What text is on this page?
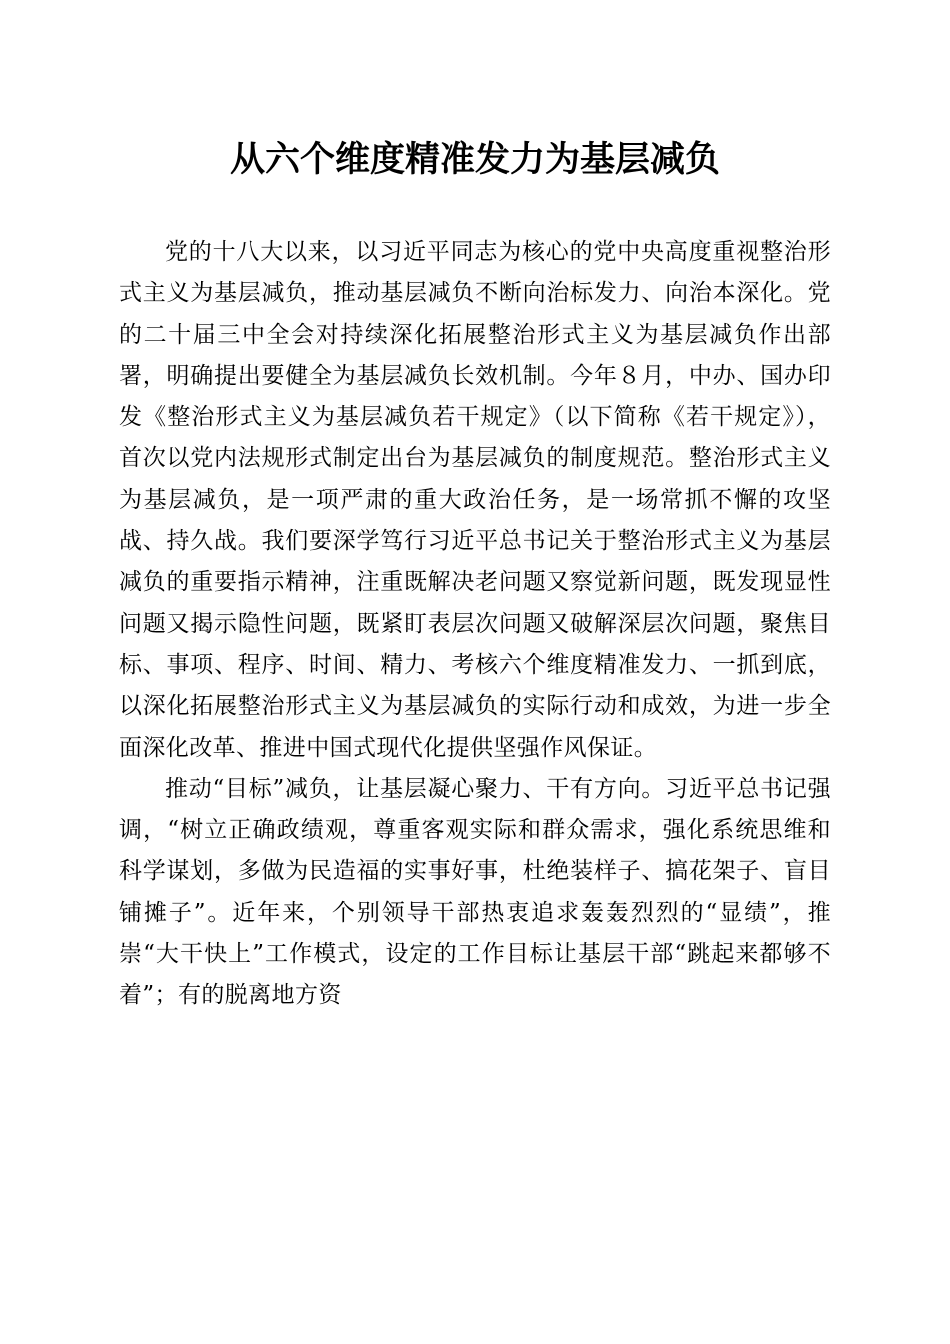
从六个维度精准发力为基层减负

党的十八大以来，以习近平同志为核心的党中央高度重视整治形式主义为基层减负，推动基层减负不断向治标发力、向治本深化。党的二十届三中全会对持续深化拓展整治形式主义为基层减负作出部署，明确提出要健全为基层减负长效机制。今年８月，中办、国办印发《整治形式主义为基层减负若干规定》（以下简称《若干规定》），首次以党内法规形式制定出台为基层减负的制度规范。整治形式主义为基层减负，是一项严肃的重大政治任务，是一场常抓不懈的攻坚战、持久战。我们要深学笃行习近平总书记关于整治形式主义为基层减负的重要指示精神，注重既解决老问题又察觉新问题，既发现显性问题又揭示隐性问题，既紧盯表层次问题又破解深层次问题，聚焦目标、事项、程序、时间、精力、考核六个维度精准发力、一抓到底，以深化拓展整治形式主义为基层减负的实际行动和成效，为进一步全面深化改革、推进中国式现代化提供坚强作风保证。

推动“目标”减负，让基层凝心聚力、干有方向。习近平总书记强调，“树立正确政绩观，尊重客观实际和群众需求，强化系统思维和科学谋划，多做为民造福的实事好事，杜绝装样子、搞花架子、盲目铺摊子”。近年来，个别领导干部热衷追求轰轰烈烈的“显绩”，推崇“大干快上”工作模式，设定的工作目标让基层干部“跳起来都够不着”；有的脱离地方资
